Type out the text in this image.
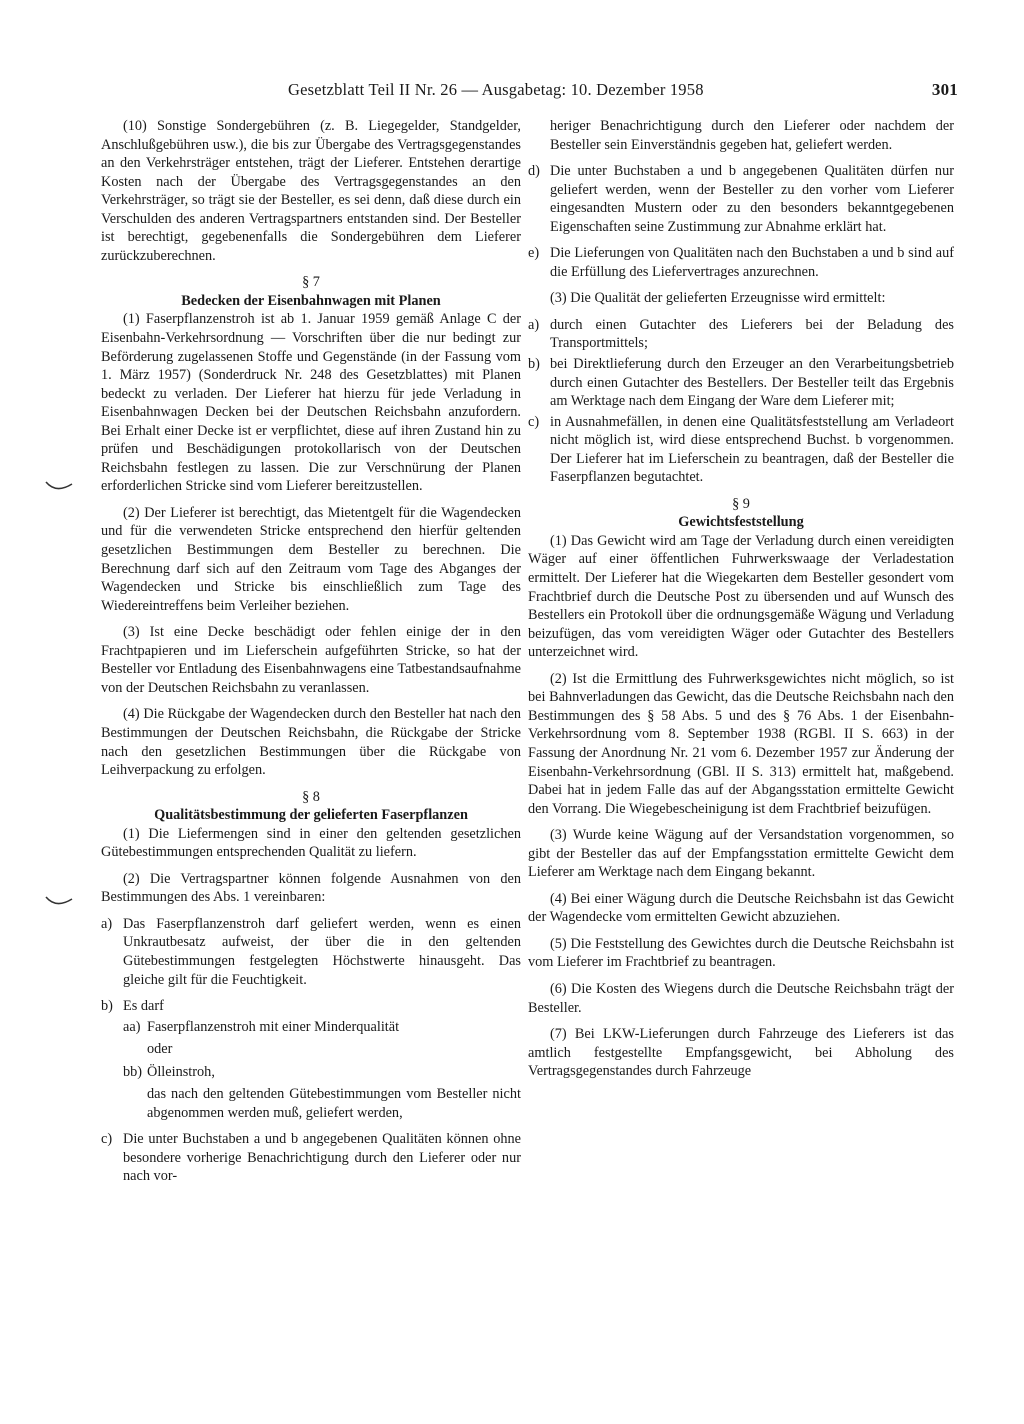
Gesetzblatt Teil II Nr. 26 — Ausgabetag: 10. Dezember 1958	301

(10) Sonstige Sondergebühren (z. B. Liegegelder, Standgelder, Anschlußgebühren usw.), die bis zur Übergabe des Vertragsgegenstandes an den Verkehrsträger entstehen, trägt der Lieferer. Entstehen derartige Kosten nach der Übergabe des Vertragsgegenstandes an den Verkehrsträger, so trägt sie der Besteller, es sei denn, daß diese durch ein Verschulden des anderen Vertragspartners entstanden sind. Der Besteller ist berechtigt, gegebenenfalls die Sondergebühren dem Lieferer zurückzuberechnen.

§ 7

Bedecken der Eisenbahnwagen mit Planen

(1) Faserpflanzenstroh ist ab 1. Januar 1959 gemäß Anlage C der Eisenbahn-Verkehrsordnung — Vorschriften über die nur bedingt zur Beförderung zugelassenen Stoffe und Gegenstände (in der Fassung vom 1. März 1957) (Sonderdruck Nr. 248 des Gesetzblattes) mit Planen bedeckt zu verladen. Der Lieferer hat hierzu für jede Verladung in Eisenbahnwagen Decken bei der Deutschen Reichsbahn anzufordern. Bei Erhalt einer Decke ist er verpflichtet, diese auf ihren Zustand hin zu prüfen und Beschädigungen protokollarisch von der Deutschen Reichsbahn festlegen zu lassen. Die zur Verschnürung der Planen erforderlichen Stricke sind vom Lieferer bereitzustellen.

(2) Der Lieferer ist berechtigt, das Mietentgelt für die Wagendecken und für die verwendeten Stricke entsprechend den hierfür geltenden gesetzlichen Bestimmungen dem Besteller zu berechnen. Die Berechnung darf sich auf den Zeitraum vom Tage des Abganges der Wagendecken und Stricke bis einschließlich zum Tage des Wiedereintreffens beim Verleiher beziehen.

(3) Ist eine Decke beschädigt oder fehlen einige der in den Frachtpapieren und im Lieferschein aufgeführten Stricke, so hat der Besteller vor Entladung des Eisenbahnwagens eine Tatbestandsaufnahme von der Deutschen Reichsbahn zu veranlassen.

(4) Die Rückgabe der Wagendecken durch den Besteller hat nach den Bestimmungen der Deutschen Reichsbahn, die Rückgabe der Stricke nach den gesetzlichen Bestimmungen über die Rückgabe von Leihverpackung zu erfolgen.

§ 8

Qualitätsbestimmung der gelieferten Faserpflanzen

(1) Die Liefermengen sind in einer den geltenden gesetzlichen Gütebestimmungen entsprechenden Qualität zu liefern.

(2) Die Vertragspartner können folgende Ausnahmen von den Bestimmungen des Abs. 1 vereinbaren:

a) Das Faserpflanzenstroh darf geliefert werden, wenn es einen Unkrautbesatz aufweist, der über die in den geltenden Gütebestimmungen festgelegten Höchstwerte hinausgeht. Das gleiche gilt für die Feuchtigkeit.
b) Es darf
aa) Faserpflanzenstroh mit einer Minderqualität
oder
bb) Ölleinstroh,

das nach den geltenden Gütebestimmungen vom Besteller nicht abgenommen werden muß, geliefert werden,

c) Die unter Buchstaben a und b angegebenen Qualitäten können ohne besondere vorherige Benachrichtigung durch den Lieferer oder nur nach vor-

heriger Benachrichtigung durch den Lieferer oder nachdem der Besteller sein Einverständnis gegeben hat, geliefert werden.

d) Die unter Buchstaben a und b angegebenen Qualitäten dürfen nur geliefert werden, wenn der Besteller zu den vorher vom Lieferer eingesandten Mustern oder zu den besonders bekanntgegebenen Eigenschaften seine Zustimmung zur Abnahme erklärt hat.
e) Die Lieferungen von Qualitäten nach den Buchstaben a und b sind auf die Erfüllung des Liefervertrages anzurechnen.

(3) Die Qualität der gelieferten Erzeugnisse wird ermittelt:

a) durch einen Gutachter des Lieferers bei der Beladung des Transportmittels;
b) bei Direktlieferung durch den Erzeuger an den Verarbeitungsbetrieb durch einen Gutachter des Bestellers. Der Besteller teilt das Ergebnis am Werktage nach dem Eingang der Ware dem Lieferer mit;
c) in Ausnahmefällen, in denen eine Qualitätsfeststellung am Verladeort nicht möglich ist, wird diese entsprechend Buchst. b vorgenommen. Der Lieferer hat im Lieferschein zu beantragen, daß der Besteller die Faserpflanzen begutachtet.

§ 9

Gewichtsfeststellung

(1) Das Gewicht wird am Tage der Verladung durch einen vereidigten Wäger auf einer öffentlichen Fuhrwerkswaage der Verladestation ermittelt. Der Lieferer hat die Wiegekarten dem Besteller gesondert vom Frachtbrief durch die Deutsche Post zu übersenden und auf Wunsch des Bestellers ein Protokoll über die ordnungsgemäße Wägung und Verladung beizufügen, das vom vereidigten Wäger oder Gutachter des Bestellers unterzeichnet wird.

(2) Ist die Ermittlung des Fuhrwerksgewichtes nicht möglich, so ist bei Bahnverladungen das Gewicht, das die Deutsche Reichsbahn nach den Bestimmungen des § 58 Abs. 5 und des § 76 Abs. 1 der Eisenbahn-Verkehrsordnung vom 8. September 1938 (RGBl. II S. 663) in der Fassung der Anordnung Nr. 21 vom 6. Dezember 1957 zur Änderung der Eisenbahn-Verkehrsordnung (GBl. II S. 313) ermittelt hat, maßgebend. Dabei hat in jedem Falle das auf der Abgangsstation ermittelte Gewicht den Vorrang. Die Wiegebescheinigung ist dem Frachtbrief beizufügen.

(3) Wurde keine Wägung auf der Versandstation vorgenommen, so gibt der Besteller das auf der Empfangsstation ermittelte Gewicht dem Lieferer am Werktage nach dem Eingang bekannt.

(4) Bei einer Wägung durch die Deutsche Reichsbahn ist das Gewicht der Wagendecke vom ermittelten Gewicht abzuziehen.

(5) Die Feststellung des Gewichtes durch die Deutsche Reichsbahn ist vom Lieferer im Frachtbrief zu beantragen.

(6) Die Kosten des Wiegens durch die Deutsche Reichsbahn trägt der Besteller.

(7) Bei LKW-Lieferungen durch Fahrzeuge des Lieferers ist das amtlich festgestellte Empfangsgewicht, bei Abholung des Vertragsgegenstandes durch Fahrzeuge
